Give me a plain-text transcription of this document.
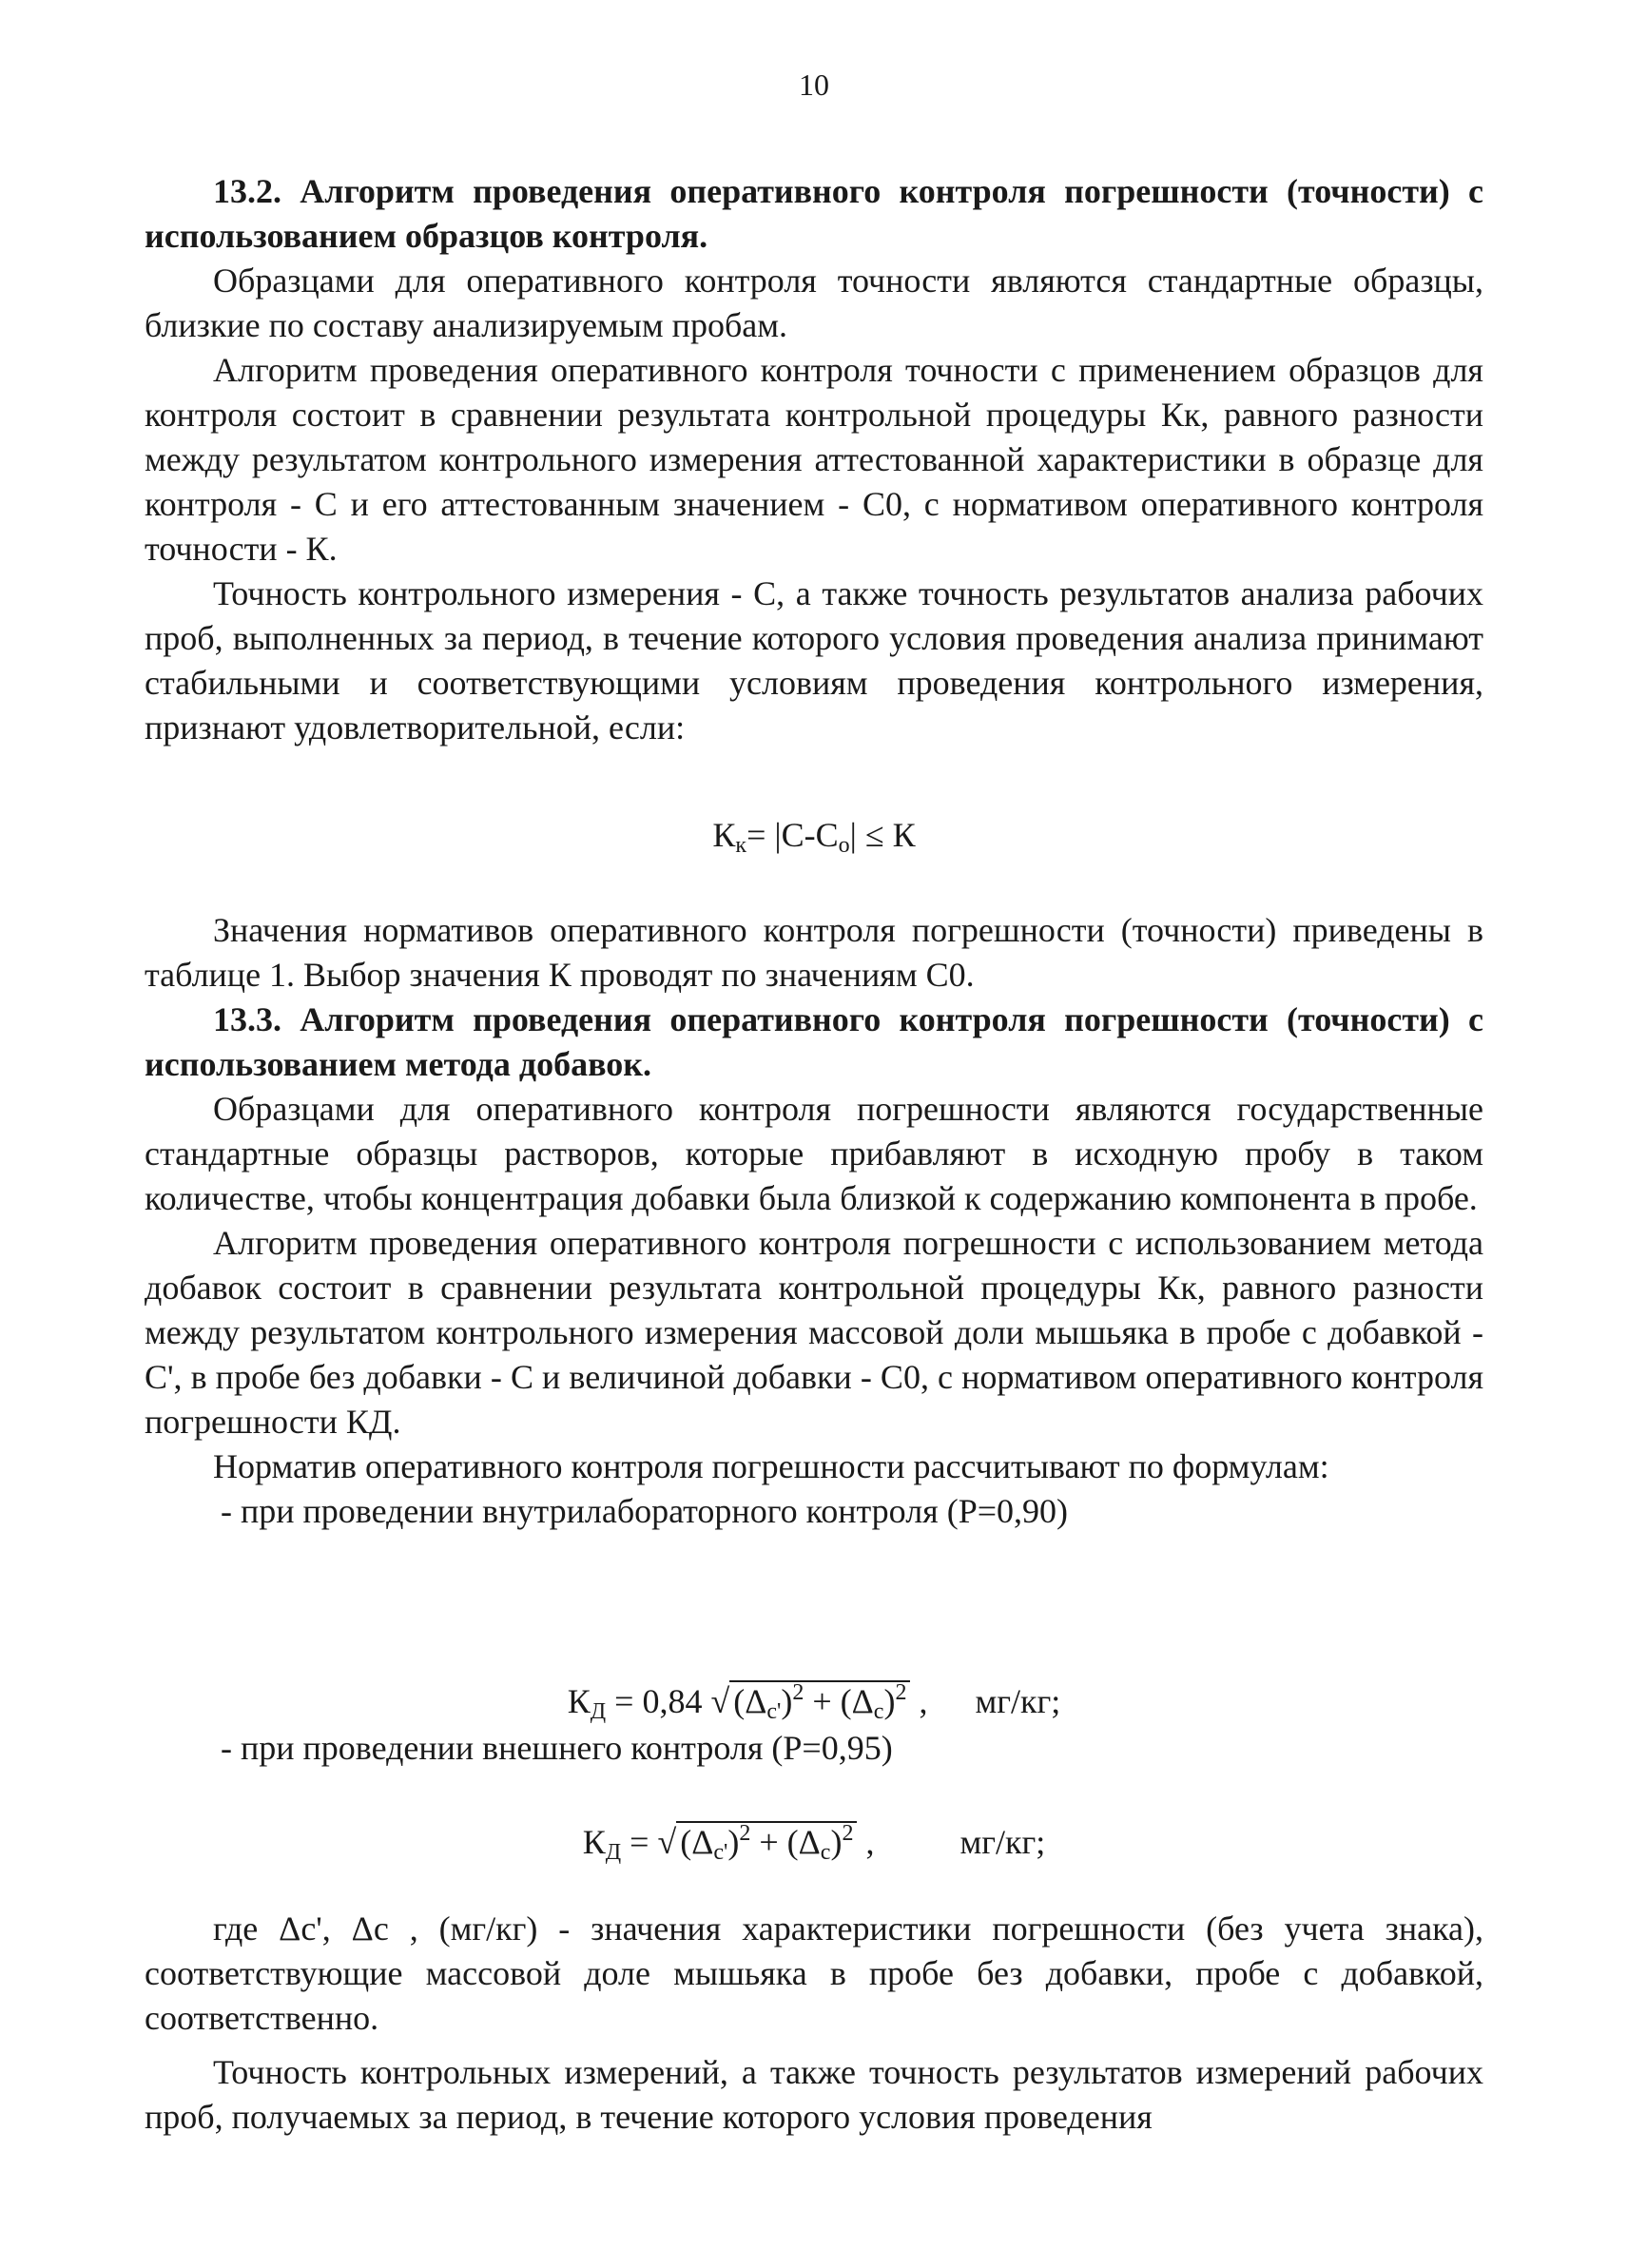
10

13.2. Алгоритм проведения оперативного контроля погрешности (точности) с использованием образцов контроля.

Образцами для оперативного контроля точности являются стандартные образцы, близкие по составу анализируемым пробам.

Алгоритм проведения оперативного контроля точности с применением образцов для контроля состоит в сравнении результата контрольной процедуры Кк, равного разности между результатом контрольного измерения аттестованной характеристики в образце для контроля - С и его аттестованным значением - С0, с нормативом оперативного контроля точности - К.

Точность контрольного измерения - С, а также точность результатов анализа рабочих проб, выполненных за период, в течение которого условия проведения анализа принимают стабильными и соответствующими условиям проведения контрольного измерения, признают удовлетворительной, если:

$К_к= |С-С_о| \le К$

Значения нормативов оперативного контроля погрешности (точности) приведены в таблице 1. Выбор значения К проводят по значениям С0.

13.3. Алгоритм проведения оперативного контроля погрешности (точности) с использованием метода добавок.

Образцами для оперативного контроля погрешности являются государственные стандартные образцы растворов, которые прибавляют в исходную пробу в таком количестве, чтобы концентрация добавки была близкой к содержанию компонента в пробе.

Алгоритм проведения оперативного контроля погрешности с использованием метода добавок состоит в сравнении результата контрольной процедуры Кк, равного разности между результатом контрольного измерения массовой доли мышьяка в пробе с добавкой - С', в пробе без добавки - С и величиной добавки - С0, с нормативом оперативного контроля погрешности КД.

Норматив оперативного контроля погрешности рассчитывают по формулам:

- при проведении внутрилабораторного контроля (Р=0,90)

$К_Д = 0,84$ √ $(\Delta_{c'})^2 + (\Delta_c)^2$ , мг/кг;

- при проведении внешнего контроля (Р=0,95)

$К_Д$ = √ $(\Delta_{c'})^2 + (\Delta_c)^2$ ,	мг/кг;

где Δc', Δc , (мг/кг) - значения характеристики погрешности (без учета знака), соответствующие массовой доле мышьяка в пробе без добавки, пробе с добавкой, соответственно.

Точность контрольных измерений, а также точность результатов измерений рабочих проб, получаемых за период, в течение которого условия проведения
